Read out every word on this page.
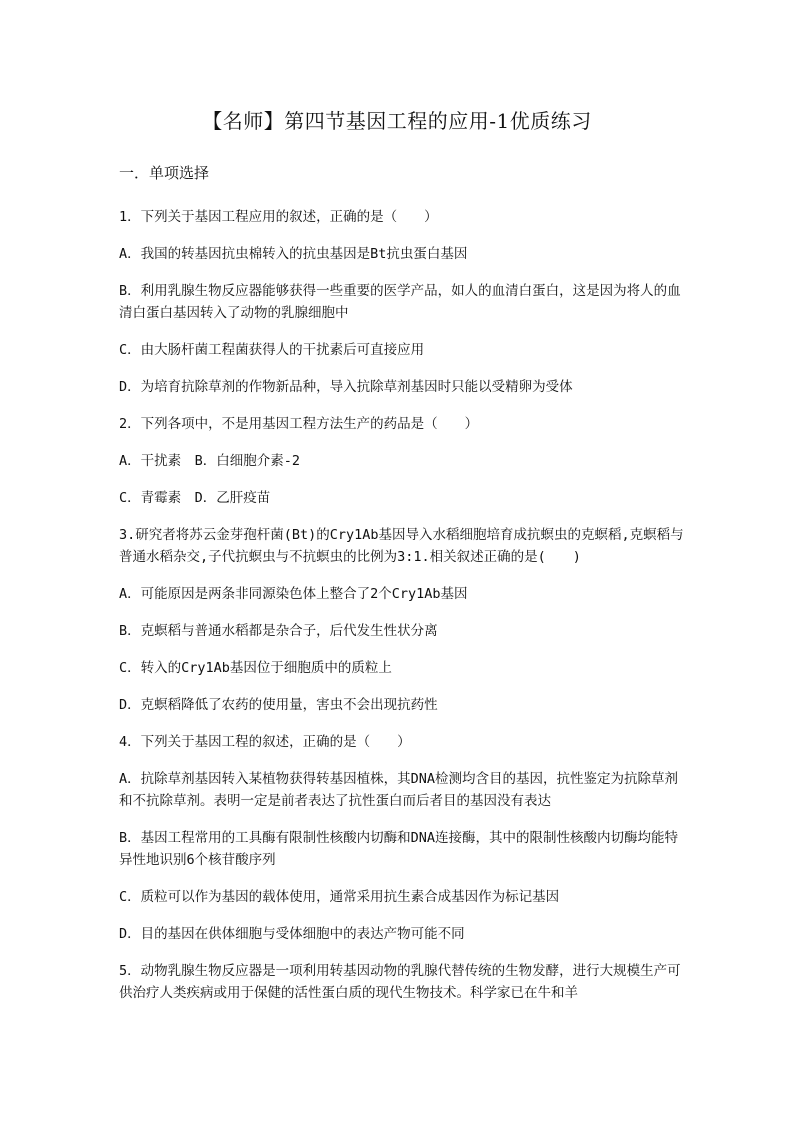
【名师】第四节基因工程的应用-1优质练习
一．单项选择

1．下列关于基因工程应用的叙述，正确的是（　　）

A．我国的转基因抗虫棉转入的抗虫基因是Bt抗虫蛋白基因

B．利用乳腺生物反应器能够获得一些重要的医学产品，如人的血清白蛋白，这是因为将人的血清白蛋白基因转入了动物的乳腺细胞中

C．由大肠杆菌工程菌获得人的干扰素后可直接应用

D．为培育抗除草剂的作物新品种，导入抗除草剂基因时只能以受精卵为受体

2．下列各项中，不是用基因工程方法生产的药品是（　　）

A．干扰素　B．白细胞介素-2

C．青霉素　D．乙肝疫苗

3.研究者将苏云金芽孢杆菌(Bt)的Cry1Ab基因导入水稻细胞培育成抗螟虫的克螟稻,克螟稻与普通水稻杂交,子代抗螟虫与不抗螟虫的比例为3:1.相关叙述正确的是(　　)

A．可能原因是两条非同源染色体上整合了2个Cry1Ab基因

B．克螟稻与普通水稻都是杂合子，后代发生性状分离

C．转入的Cry1Ab基因位于细胞质中的质粒上

D．克螟稻降低了农药的使用量，害虫不会出现抗药性

4．下列关于基因工程的叙述，正确的是（　　）

A．抗除草剂基因转入某植物获得转基因植株，其DNA检测均含目的基因，抗性鉴定为抗除草剂和不抗除草剂。表明一定是前者表达了抗性蛋白而后者目的基因没有表达

B．基因工程常用的工具酶有限制性核酸内切酶和DNA连接酶，其中的限制性核酸内切酶均能特异性地识别6个核苷酸序列

C．质粒可以作为基因的载体使用，通常采用抗生素合成基因作为标记基因

D．目的基因在供体细胞与受体细胞中的表达产物可能不同

5．动物乳腺生物反应器是一项利用转基因动物的乳腺代替传统的生物发酵，进行大规模生产可供治疗人类疾病或用于保健的活性蛋白质的现代生物技术。科学家已在牛和羊
